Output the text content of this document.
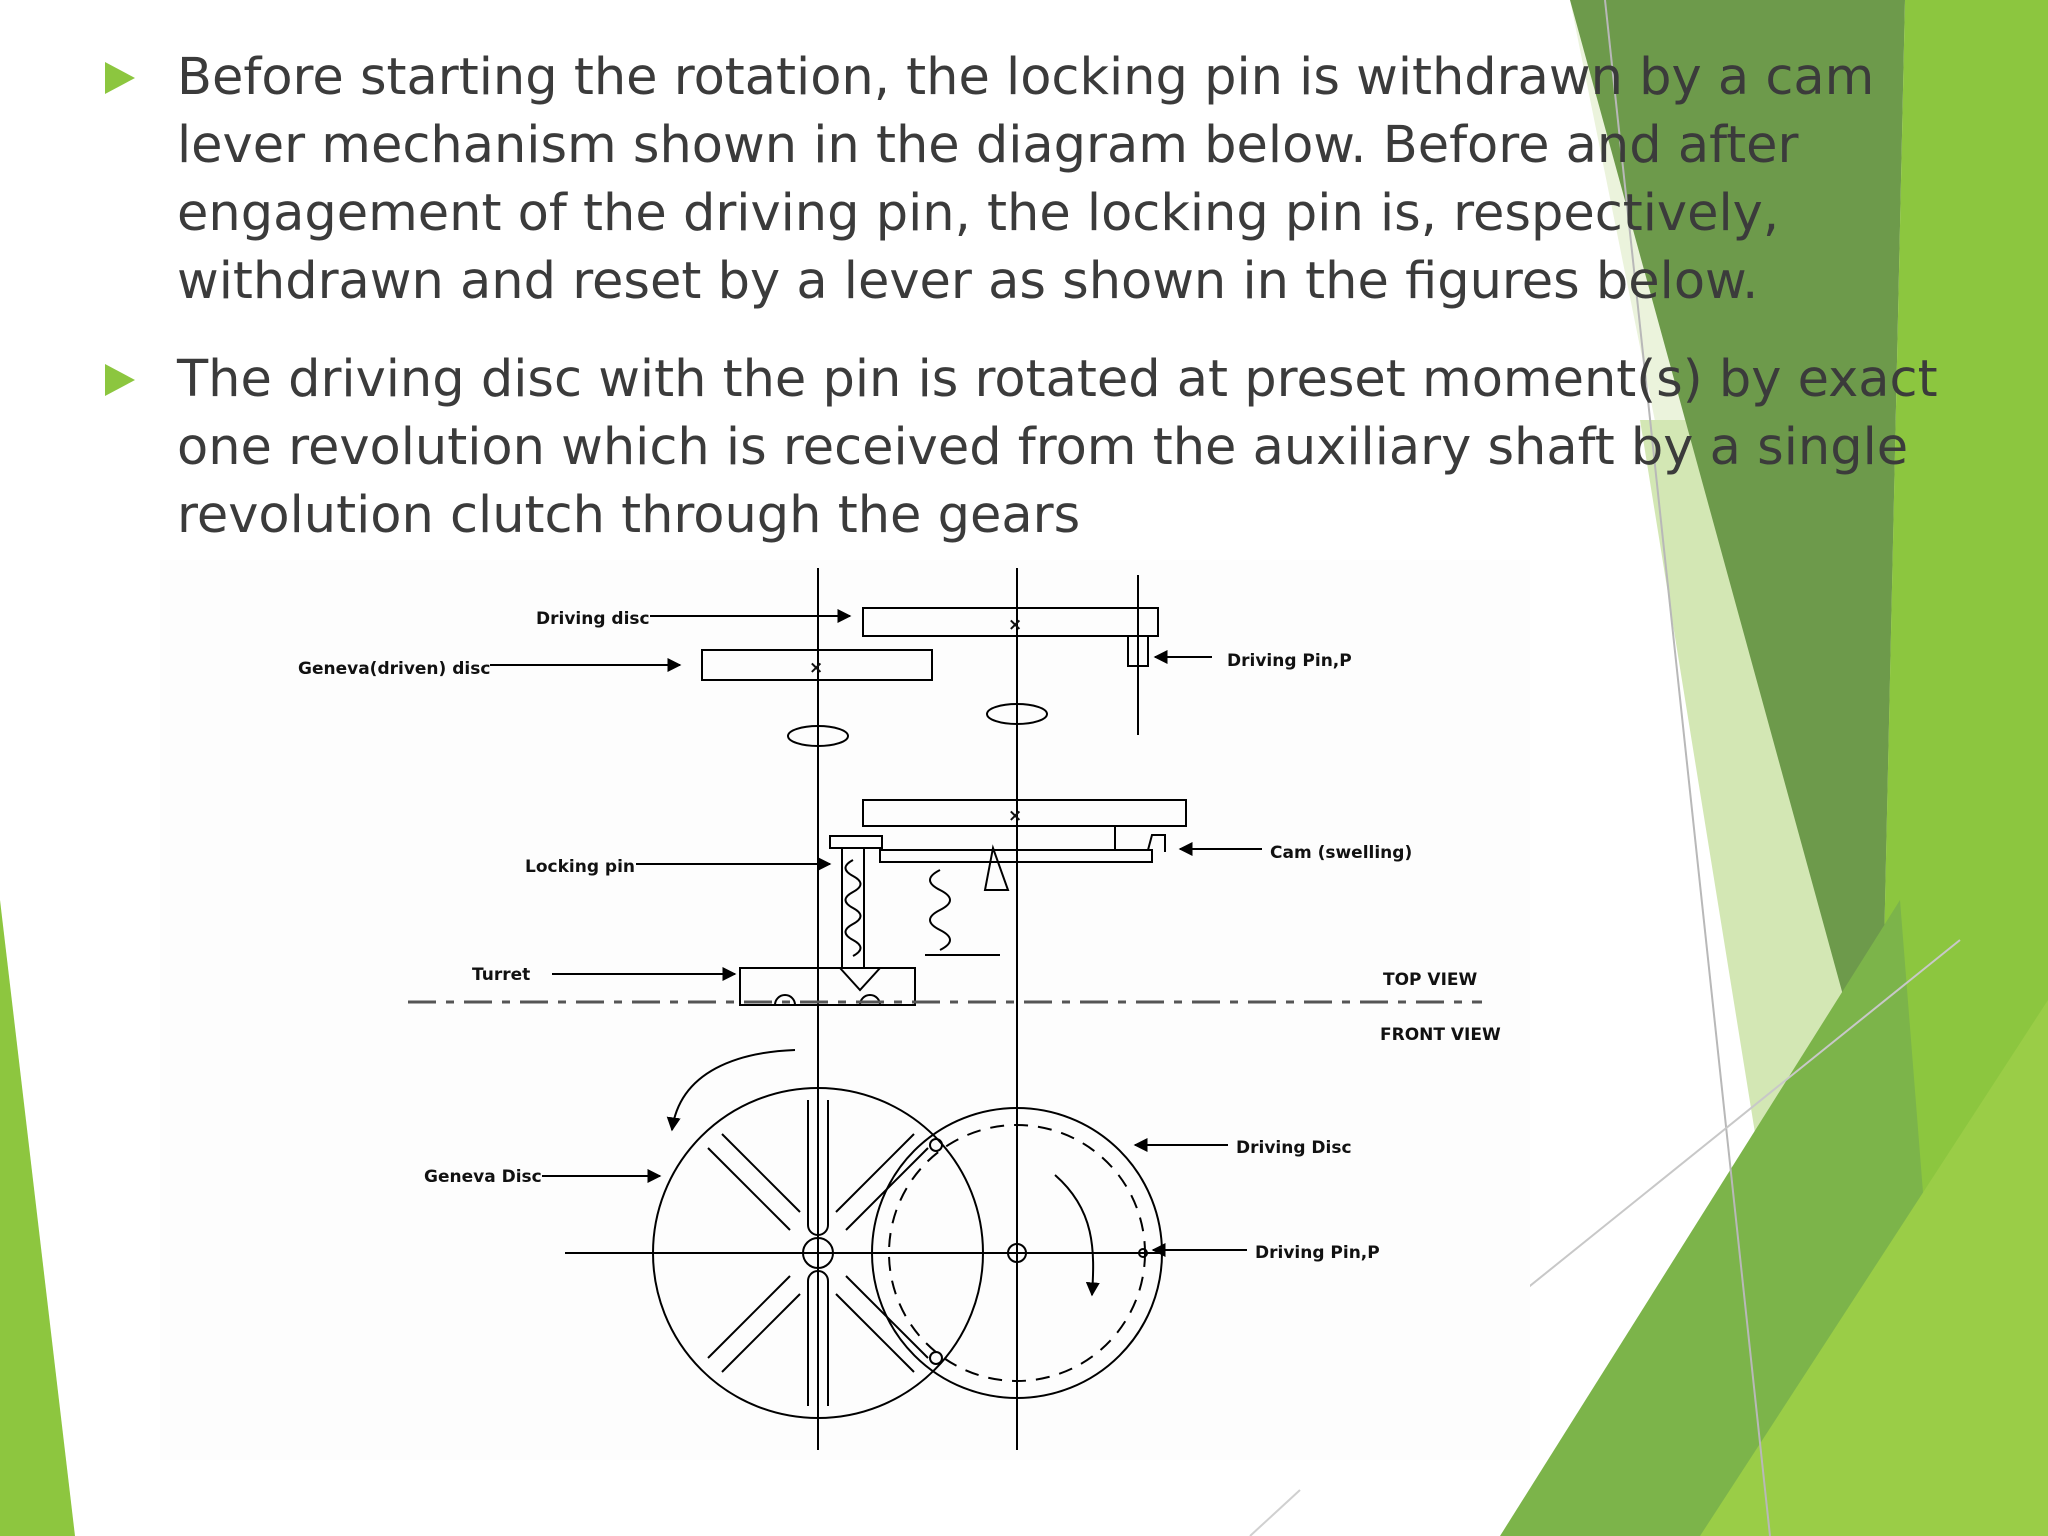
Before starting the rotation, the locking pin is withdrawn by a cam
lever mechanism shown in the diagram below. Before and after
engagement of the driving pin, the locking pin is, respectively,
withdrawn and reset by a lever as shown in the figures below.

The driving disc with the pin is rotated at preset moment(s) by exact
one revolution which is received from the auxiliary shaft by a single
revolution clutch through the gears

×
×
Driving disc
Geneva(driven) disc	Driving Pin,P
×
Locking pin
Cam (swelling)
Turret	TOP VIEW
FRONT VIEW
Geneva Disc
Driving Disc
Driving Pin,P
